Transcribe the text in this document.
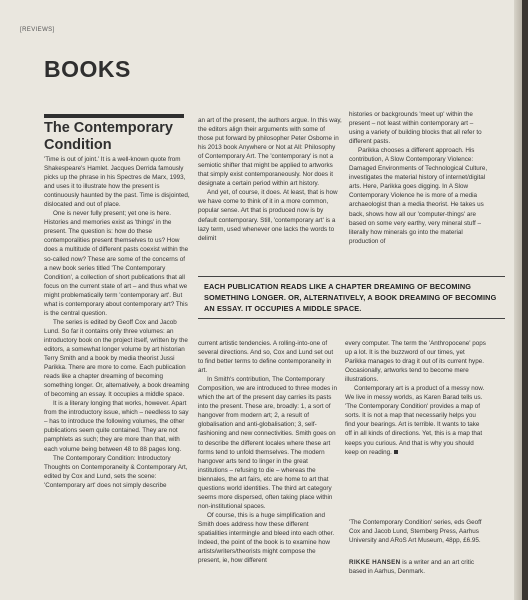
[REVIEWS]
BOOKS
The Contemporary Condition

'Time is out of joint.' It is a well-known quote from Shakespeare's Hamlet. Jacques Derrida famously picks up the phrase in his Spectres de Marx, 1993, and uses it to illustrate how the present is continuously haunted by the past. Time is disjointed, dislocated and out of place.

One is never fully present; yet one is here. Histories and memories exist as 'things' in the present. The question is: how do these contemporalities present themselves to us? How does a multitude of different pasts coexist within the so-called now? These are some of the concerns of a new book series titled 'The Contemporary Condition', a collection of short publications that all focus on the current state of art – and thus what we might problematically term 'contemporary art'. But what is contemporary about contemporary art? This is the central question.

The series is edited by Geoff Cox and Jacob Lund. So far it contains only three volumes: an introductory book on the project itself, written by the editors, a somewhat longer volume by art historian Terry Smith and a book by media theorist Jussi Parikka. There are more to come. Each publication reads like a chapter dreaming of becoming something longer. Or, alternatively, a book dreaming of becoming an essay. It occupies a middle space.

It is a literary longing that works, however. Apart from the introductory issue, which – needless to say – has to introduce the following volumes, the other publications seem quite contained. They are not pamphlets as such; they are more than that, with each volume being between 48 to 88 pages long.

The Contemporary Condition: Introductory Thoughts on Contemporaneity & Contemporary Art, edited by Cox and Lund, sets the scene: 'Contemporary art' does not simply describe

an art of the present, the authors argue. In this way, the editors align their arguments with some of those put forward by philosopher Peter Osborne in his 2013 book Anywhere or Not at All: Philosophy of Contemporary Art. The 'contemporary' is not a semiotic shifter that might be applied to artworks that simply exist contemporaneously. Nor does it designate a certain period within art history.

And yet, of course, it does. At least, that is how we have come to think of it in a more common, popular sense. Art that is produced now is by default contemporary. Still, 'contemporary art' is a lazy term, used whenever one lacks the words to delimit

histories or backgrounds 'meet up' within the present – not least within contemporary art – using a variety of building blocks that all refer to different pasts.

Parikka chooses a different approach. His contribution, A Slow Contemporary Violence: Damaged Environments of Technological Culture, investigates the material history of internet/digital arts. Here, Parikka goes digging. In A Slow Contemporary Violence he is more of a media archaeologist than a media theorist. He takes us back, shows how all our 'computer-things' are based on some very earthy, very mineral stuff – literally how minerals go into the material production of

EACH PUBLICATION READS LIKE A CHAPTER DREAMING OF BECOMING SOMETHING LONGER. OR, ALTERNATIVELY, A BOOK DREAMING OF BECOMING AN ESSAY. IT OCCUPIES A MIDDLE SPACE.

current artistic tendencies. A rolling-into-one of several directions. And so, Cox and Lund set out to find better terms to define contemporaneity in art.

In Smith's contribution, The Contemporary Composition, we are introduced to three modes in which the art of the present day carries its pasts into the present. These are, broadly: 1, a sort of hangover from modern art; 2, a result of globalisation and anti-globalisation; 3, self-fashioning and new connectivities. Smith goes on to describe the different locales where these art forms tend to unfold themselves. The modern hangover arts tend to linger in the great institutions – refusing to die – whereas the biennales, the art fairs, etc are home to art that questions world identities. The third art category seems more dispersed, often taking place within non-institutional spaces.

Of course, this is a huge simplification and Smith does address how these different spatialities intermingle and bleed into each other. Indeed, the point of the book is to examine how artists/writers/theorists might compose the present, ie, how different

every computer. The term the 'Anthropocene' pops up a lot. It is the buzzword of our times, yet Parikka manages to drag it out of its current hype. Occasionally, artworks tend to become mere illustrations.

Contemporary art is a product of a messy now. We live in messy worlds, as Karen Barad tells us. 'The Contemporary Condition' provides a map of sorts. It is not a map that necessarily helps you find your bearings. Art is terrible. It wants to take off in all kinds of directions. Yet, this is a map that keeps you curious. And that is why you should keep on reading.

'The Contemporary Condition' series, eds Geoff Cox and Jacob Lund, Sternberg Press, Aarhus University and ARoS Art Museum, 48pp, £6.95.
RIKKE HANSEN is a writer and an art critic based in Aarhus, Denmark.
